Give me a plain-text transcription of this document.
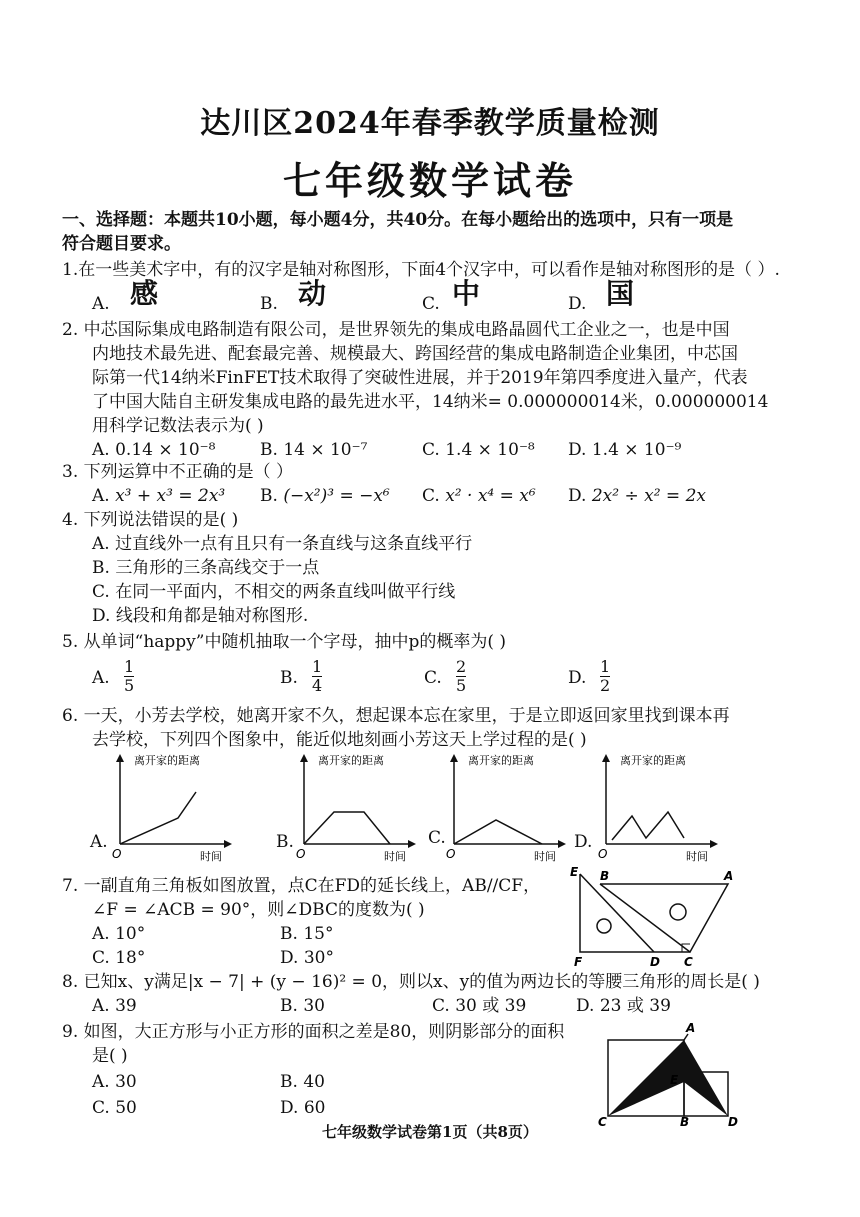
达川区2024年春季教学质量检测
七年级数学试卷
一、选择题：本题共10小题，每小题4分，共40分。在每小题给出的选项中，只有一项是
符合题目要求。
1.在一些美术字中，有的汉字是轴对称图形，下面4个汉字中，可以看作是轴对称图形的是（ ）.
A. 感	B. 动	C. 中	D. 国
2. 中芯国际集成电路制造有限公司，是世界领先的集成电路晶圆代工企业之一，也是中国
内地技术最先进、配套最完善、规模最大、跨国经营的集成电路制造企业集团，中芯国
际第一代14纳米FinFET技术取得了突破性进展，并于2019年第四季度进入量产，代表
了中国大陆自主研发集成电路的最先进水平，14纳米= 0.000000014米，0.000000014
用科学记数法表示为( )
A. 0.14 × 10⁻⁸	B. 14 × 10⁻⁷	C. 1.4 × 10⁻⁸ D. 1.4 × 10⁻⁹
3. 下列运算中不正确的是（ ）
A. x³ + x³ = 2x³ B. (−x²)³ = −x⁶ C. x² · x⁴ = x⁶ D. 2x² ÷ x² = 2x
4. 下列说法错误的是( )
A. 过直线外一点有且只有一条直线与这条直线平行
B. 三角形的三条高线交于一点
C. 在同一平面内，不相交的两条直线叫做平行线
D. 线段和角都是轴对称图形.
5. 从单词“happy”中随机抽取一个字母，抽中p的概率为( )
A.
1
5	B.
1
4	C.
2
5	D.
1
2
6. 一天，小芳去学校，她离开家不久，想起课本忘在家里，于是立即返回家里找到课本再
去学校，下列四个图象中，能近似地刻画小芳这天上学过程的是( )
A.
离开家的距离
O	时间
B.
离开家的距离
O	时间
C.
离开家的距离
O	时间
D.
离开家的距离
O	时间
7. 一副直角三角板如图放置，点C在FD的延长线上，AB//CF，
∠F = ∠ACB = 90°，则∠DBC的度数为( )
A. 10°	B. 15°
C. 18°	D. 30°
E B	A
F	D C
8. 已知x、y满足|x − 7| + (y − 16)² = 0，则以x、y的值为两边长的等腰三角形的周长是( )
A. 39	B. 30	C. 30 或 39	D. 23 或 39
9. 如图，大正方形与小正方形的面积之差是80，则阴影部分的面积
是( )
A. 30	B. 40
C. 50	D. 60
A
E
C	B	D
七年级数学试卷第1页（共8页）
